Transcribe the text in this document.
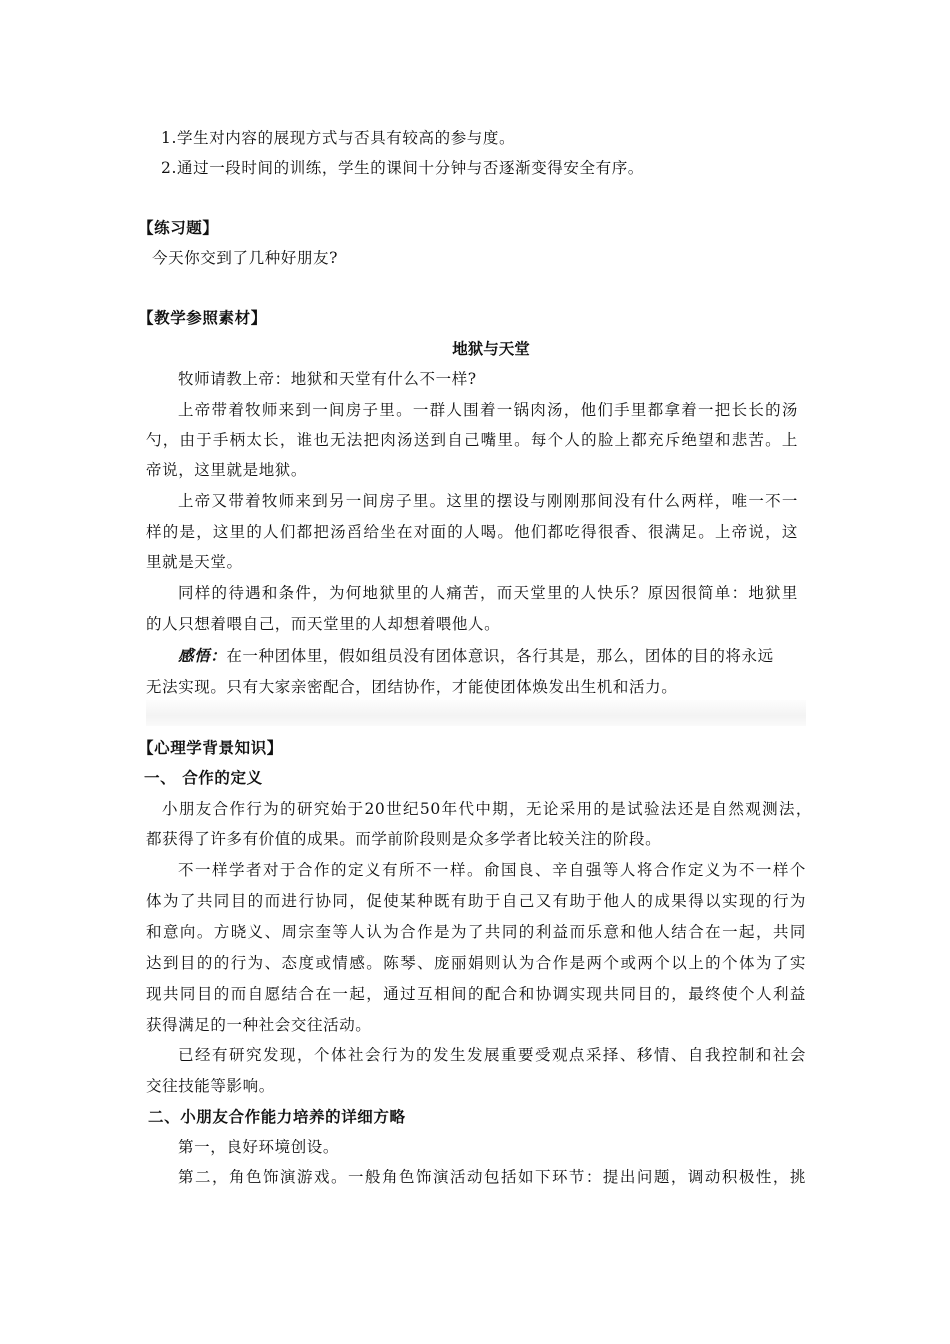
1.学生对内容的展现方式与否具有较高的参与度。
2.通过一段时间的训练，学生的课间十分钟与否逐渐变得安全有序。
【练习题】
今天你交到了几种好朋友?
【教学参照素材】
地狱与天堂
牧师请教上帝：地狱和天堂有什么不一样?
上帝带着牧师来到一间房子里。一群人围着一锅肉汤，他们手里都拿着一把长长的汤
勺，由于手柄太长，谁也无法把肉汤送到自己嘴里。每个人的脸上都充斥绝望和悲苦。上
帝说，这里就是地狱。
上帝又带着牧师来到另一间房子里。这里的摆设与刚刚那间没有什么两样，唯一不一
样的是，这里的人们都把汤舀给坐在对面的人喝。他们都吃得很香、很满足。上帝说，这
里就是天堂。
同样的待遇和条件，为何地狱里的人痛苦，而天堂里的人快乐？原因很简单：地狱里
的人只想着喂自己，而天堂里的人却想着喂他人。
感悟：在一种团体里，假如组员没有团体意识，各行其是，那么，团体的目的将永远
无法实现。只有大家亲密配合，团结协作，才能使团体焕发出生机和活力。
【心理学背景知识】
一、 合作的定义
小朋友合作行为的研究始于20世纪50年代中期，无论采用的是试验法还是自然观测法，
都获得了许多有价值的成果。而学前阶段则是众多学者比较关注的阶段。
不一样学者对于合作的定义有所不一样。俞国良、辛自强等人将合作定义为不一样个
体为了共同目的而进行协同，促使某种既有助于自己又有助于他人的成果得以实现的行为
和意向。方晓义、周宗奎等人认为合作是为了共同的利益而乐意和他人结合在一起，共同
达到目的的行为、态度或情感。陈琴、庞丽娟则认为合作是两个或两个以上的个体为了实
现共同目的而自愿结合在一起，通过互相间的配合和协调实现共同目的，最终使个人利益
获得满足的一种社会交往活动。
已经有研究发现，个体社会行为的发生发展重要受观点采择、移情、自我控制和社会
交往技能等影响。
二、小朋友合作能力培养的详细方略
第一，良好环境创设。
第二，角色饰演游戏。一般角色饰演活动包括如下环节：提出问题，调动积极性，挑
